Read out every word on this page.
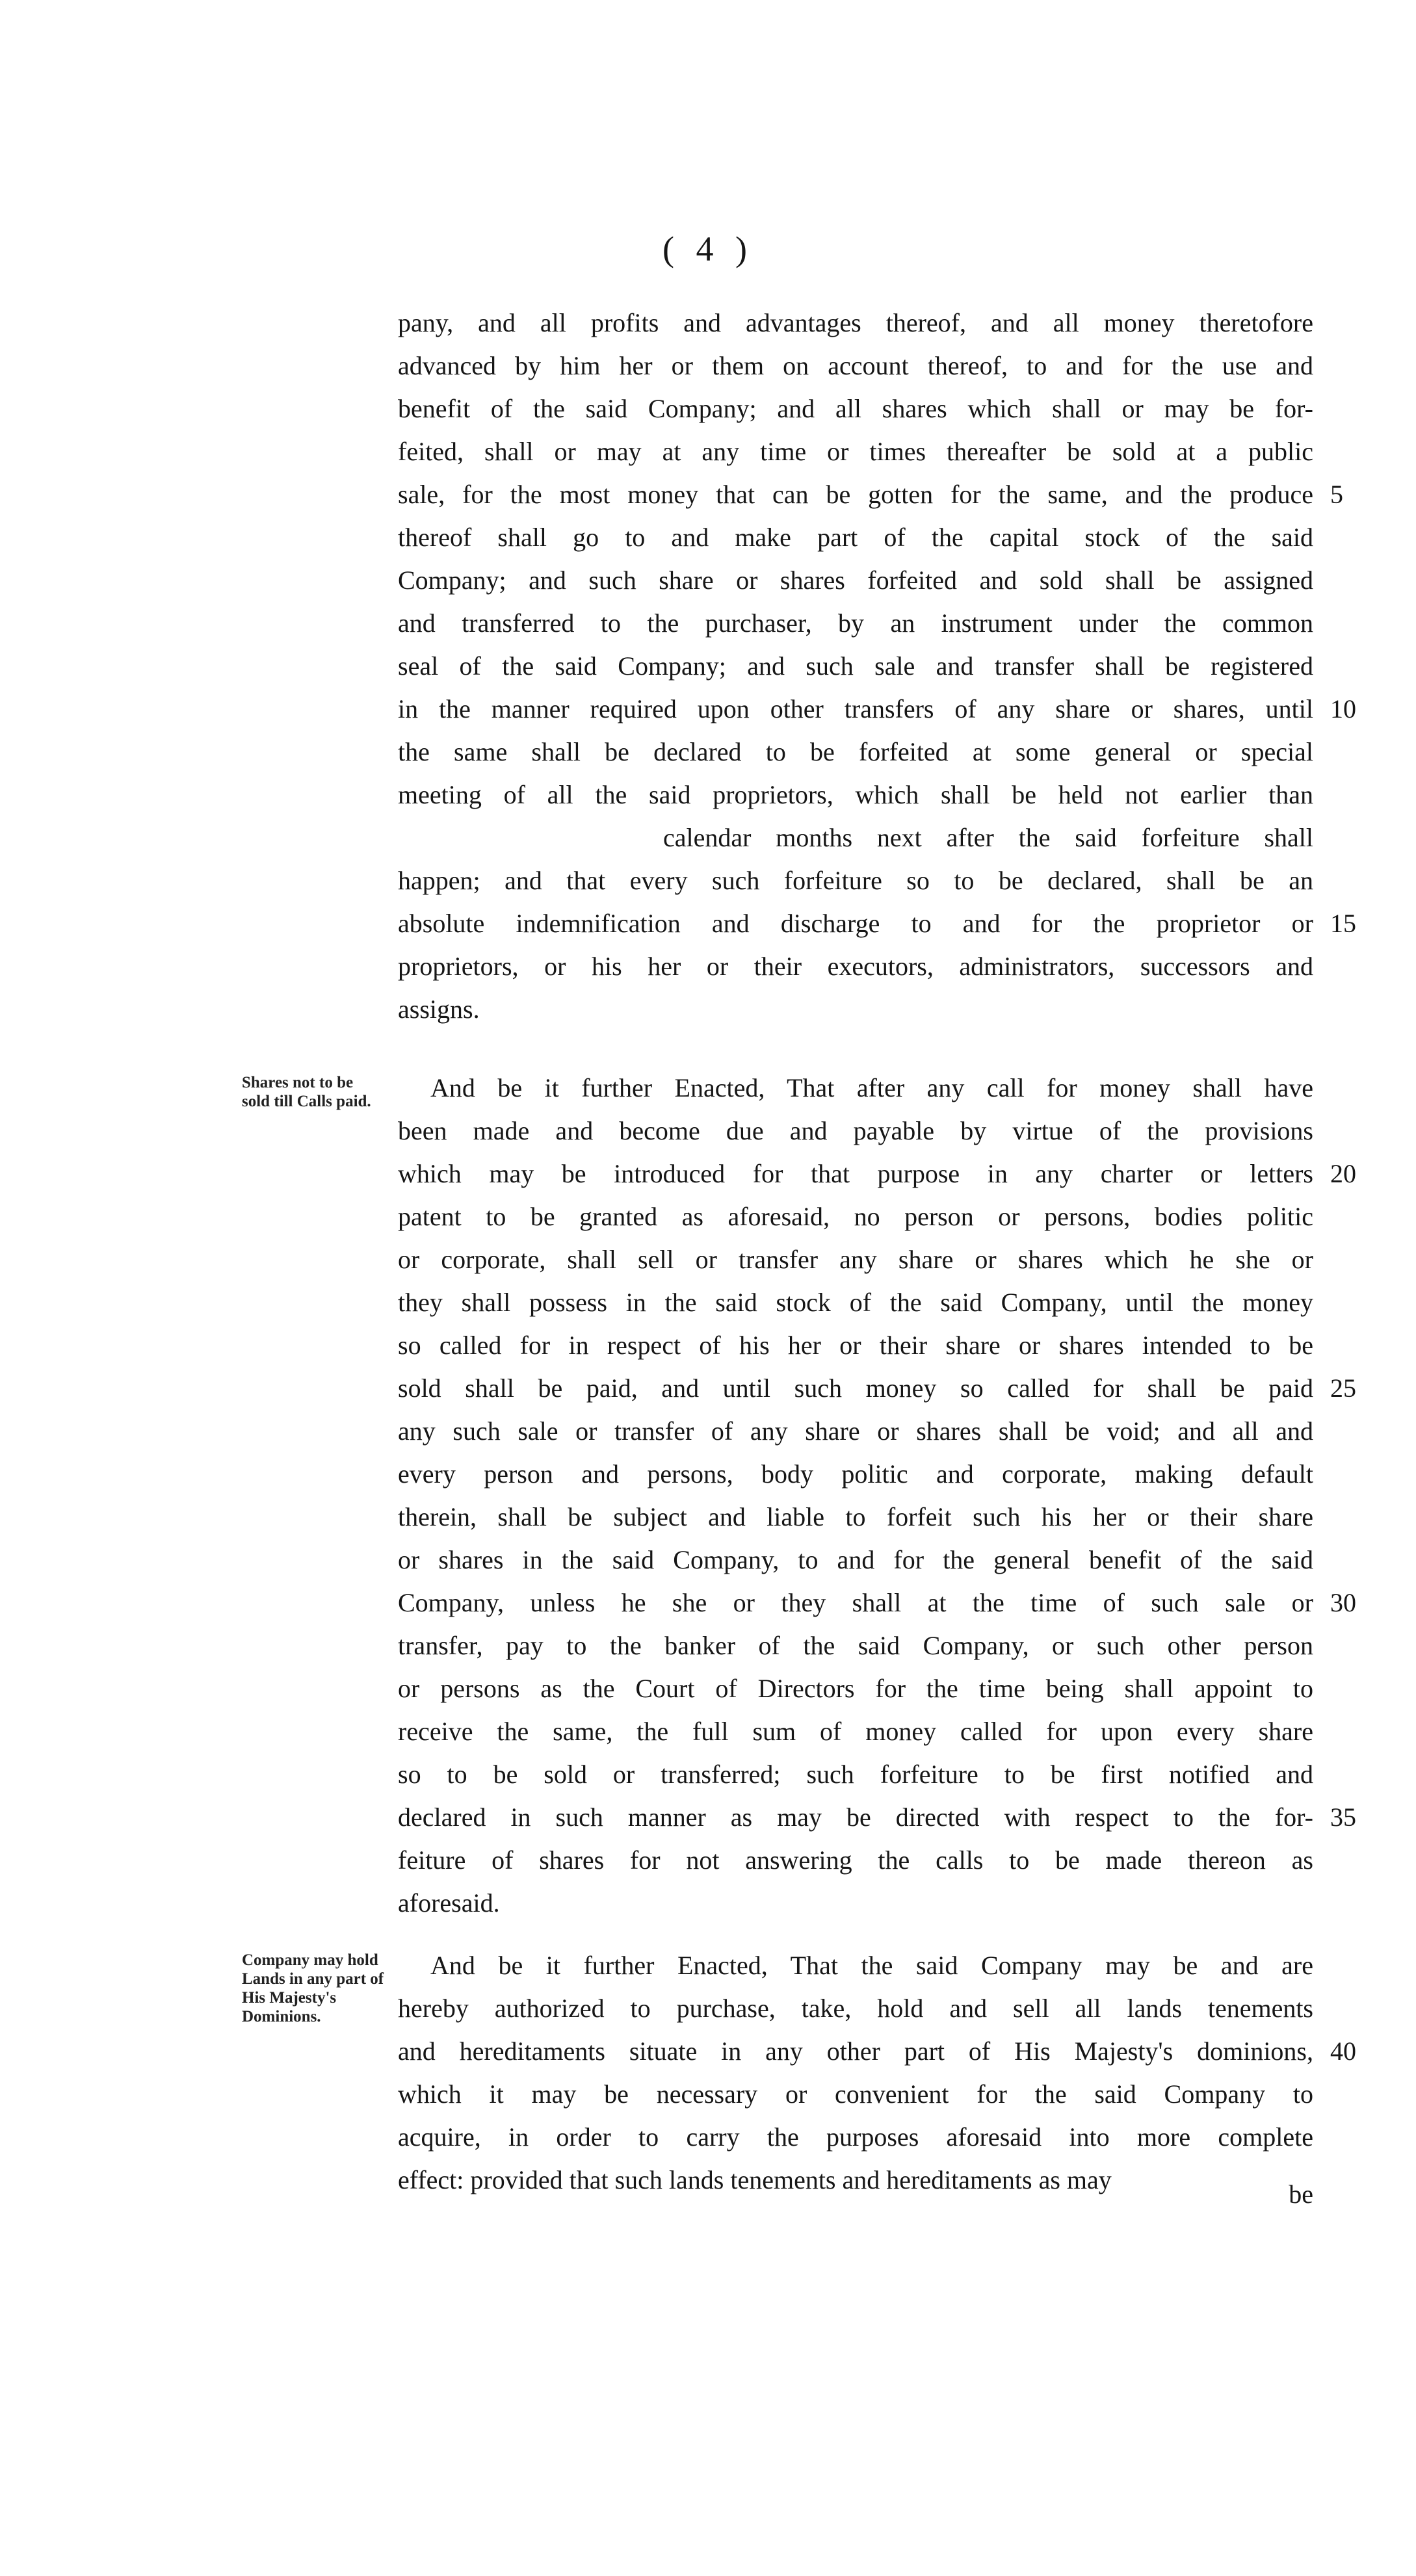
( 4 )
pany, and all profits and advantages thereof, and all money theretofore
advanced by him her or them on account thereof, to and for the use and
benefit of the said Company; and all shares which shall or may be for-
feited, shall or may at any time or times thereafter be sold at a public
sale, for the most money that can be gotten for the same, and the produce
thereof shall go to and make part of the capital stock of the said
Company; and such share or shares forfeited and sold shall be assigned
and transferred to the purchaser, by an instrument under the common
seal of the said Company; and such sale and transfer shall be registered
in the manner required upon other transfers of any share or shares, until
the same shall be declared to be forfeited at some general or special
meeting of all the said proprietors, which shall be held not earlier than
calendar months next after the said forfeiture shall
happen; and that every such forfeiture so to be declared, shall be an
absolute indemnification and discharge to and for the proprietor or
proprietors, or his her or their executors, administrators, successors and
assigns.
5
10
15
And be it further Enacted, That after any call for money shall have
been made and become due and payable by virtue of the provisions
which may be introduced for that purpose in any charter or letters
patent to be granted as aforesaid, no person or persons, bodies politic
or corporate, shall sell or transfer any share or shares which he she or
they shall possess in the said stock of the said Company, until the money
so called for in respect of his her or their share or shares intended to be
sold shall be paid, and until such money so called for shall be paid
any such sale or transfer of any share or shares shall be void; and all and
every person and persons, body politic and corporate, making default
therein, shall be subject and liable to forfeit such his her or their share
or shares in the said Company, to and for the general benefit of the said
Company, unless he she or they shall at the time of such sale or
transfer, pay to the banker of the said Company, or such other person
or persons as the Court of Directors for the time being shall appoint to
receive the same, the full sum of money called for upon every share
so to be sold or transferred; such forfeiture to be first notified and
declared in such manner as may be directed with respect to the for-
feiture of shares for not answering the calls to be made thereon as
aforesaid.
20
25
30
35
Shares not to be sold till Calls paid.
And be it further Enacted, That the said Company may be and are
hereby authorized to purchase, take, hold and sell all lands tenements
and hereditaments situate in any other part of His Majesty's dominions,
which it may be necessary or convenient for the said Company to
acquire, in order to carry the purposes aforesaid into more complete
effect: provided that such lands tenements and hereditaments as may
40
Company may hold Lands in any part of His Majesty's Dominions.
be
